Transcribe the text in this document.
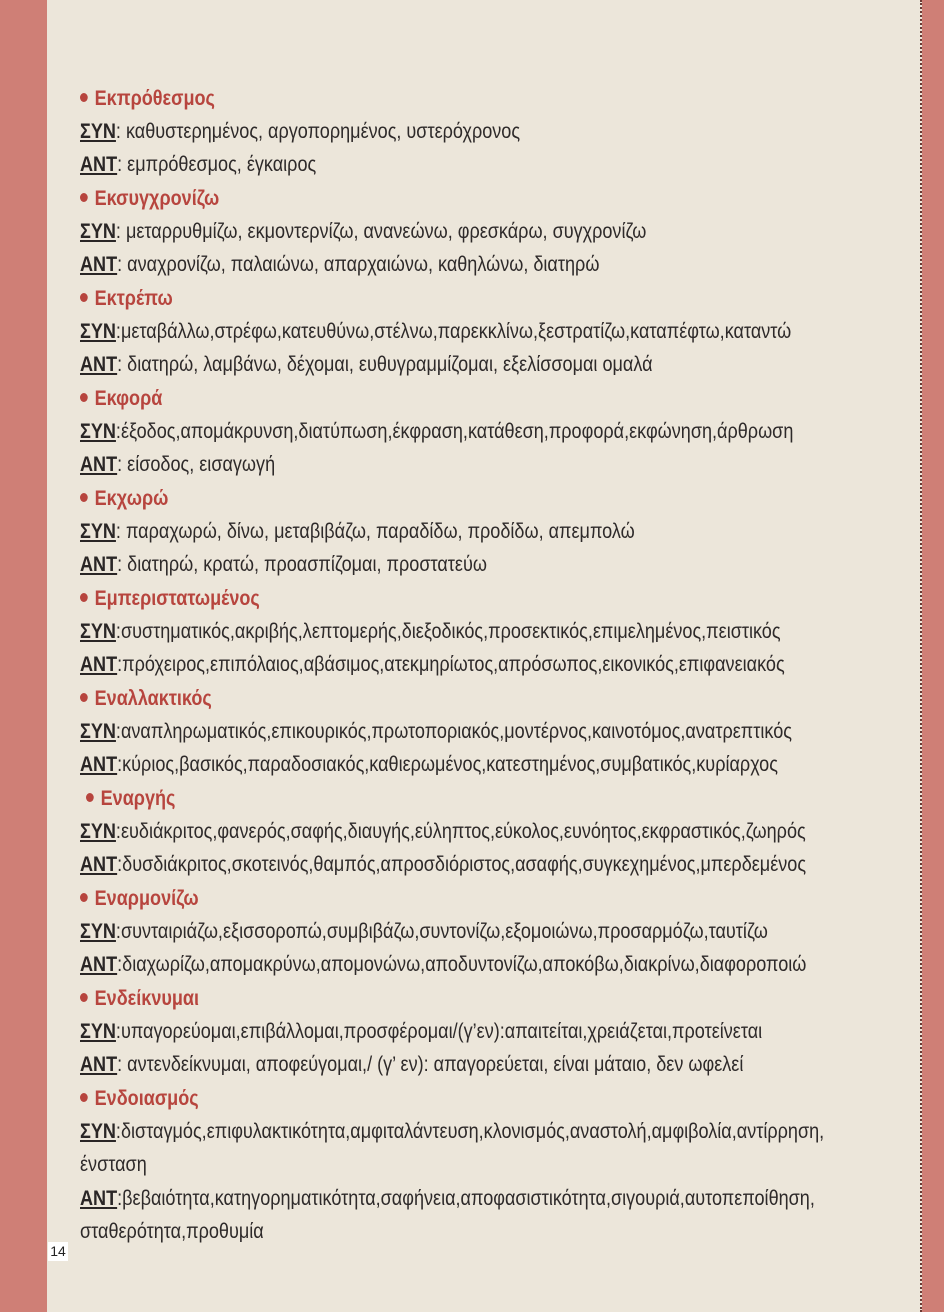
Εκπρόθεσμος
ΣΥΝ: καθυστερημένος, αργοπορημένος, υστερόχρονος
ΑΝΤ: εμπρόθεσμος, έγκαιρος
Εκσυγχρονίζω
ΣΥΝ: μεταρρυθμίζω, εκμοντερνίζω, ανανεώνω, φρεσκάρω, συγχρονίζω
ΑΝΤ: αναχρονίζω, παλαιώνω, απαρχαιώνω, καθηλώνω, διατηρώ
Εκτρέπω
ΣΥΝ:μεταβάλλω,στρέφω,κατευθύνω,στέλνω,παρεκκλίνω,ξεστρατίζω,καταπέφτω,καταντώ
ΑΝΤ: διατηρώ, λαμβάνω, δέχομαι, ευθυγραμμίζομαι, εξελίσσομαι ομαλά
Εκφορά
ΣΥΝ:έξοδος,απομάκρυνση,διατύπωση,έκφραση,κατάθεση,προφορά,εκφώνηση,άρθρωση
ΑΝΤ: είσοδος, εισαγωγή
Εκχωρώ
ΣΥΝ: παραχωρώ, δίνω, μεταβιβάζω, παραδίδω, προδίδω, απεμπολώ
ΑΝΤ: διατηρώ, κρατώ, προασπίζομαι, προστατεύω
Εμπεριστατωμένος
ΣΥΝ:συστηματικός,ακριβής,λεπτομερής,διεξοδικός,προσεκτικός,επιμελημένος,πειστικός
ΑΝΤ:πρόχειρος,επιπόλαιος,αβάσιμος,ατεκμηρίωτος,απρόσωπος,εικονικός,επιφανειακός
Εναλλακτικός
ΣΥΝ:αναπληρωματικός,επικουρικός,πρωτοποριακός,μοντέρνος,καινοτόμος,ανατρεπτικός
ΑΝΤ:κύριος,βασικός,παραδοσιακός,καθιερωμένος,κατεστημένος,συμβατικός,κυρίαρχος
Εναργής
ΣΥΝ:ευδιάκριτος,φανερός,σαφής,διαυγής,εύληπτος,εύκολος,ευνόητος,εκφραστικός,ζωηρός
ΑΝΤ:δυσδιάκριτος,σκοτεινός,θαμπός,απροσδιόριστος,ασαφής,συγκεχημένος,μπερδεμένος
Εναρμονίζω
ΣΥΝ:συνταιριάζω,εξισσοροπώ,συμβιβάζω,συντονίζω,εξομοιώνω,προσαρμόζω,ταυτίζω
ΑΝΤ:διαχωρίζω,απομακρύνω,απομονώνω,αποδυντονίζω,αποκόβω,διακρίνω,διαφοροποιώ
Ενδείκνυμαι
ΣΥΝ:υπαγορεύομαι,επιβάλλομαι,προσφέρομαι/(γ’εν):απαιτείται,χρειάζεται,προτείνεται
ΑΝΤ: αντενδείκνυμαι, αποφεύγομαι,/ (γ’ εν): απαγορεύεται, είναι μάταιο, δεν ωφελεί
Ενδοιασμός
ΣΥΝ:δισταγμός,επιφυλακτικότητα,αμφιταλάντευση,κλονισμός,αναστολή,αμφιβολία,αντίρρηση,
ένσταση
ΑΝΤ:βεβαιότητα,κατηγορηματικότητα,σαφήνεια,αποφασιστικότητα,σιγουριά,αυτοπεποίθηση,
σταθερότητα,προθυμία
14
